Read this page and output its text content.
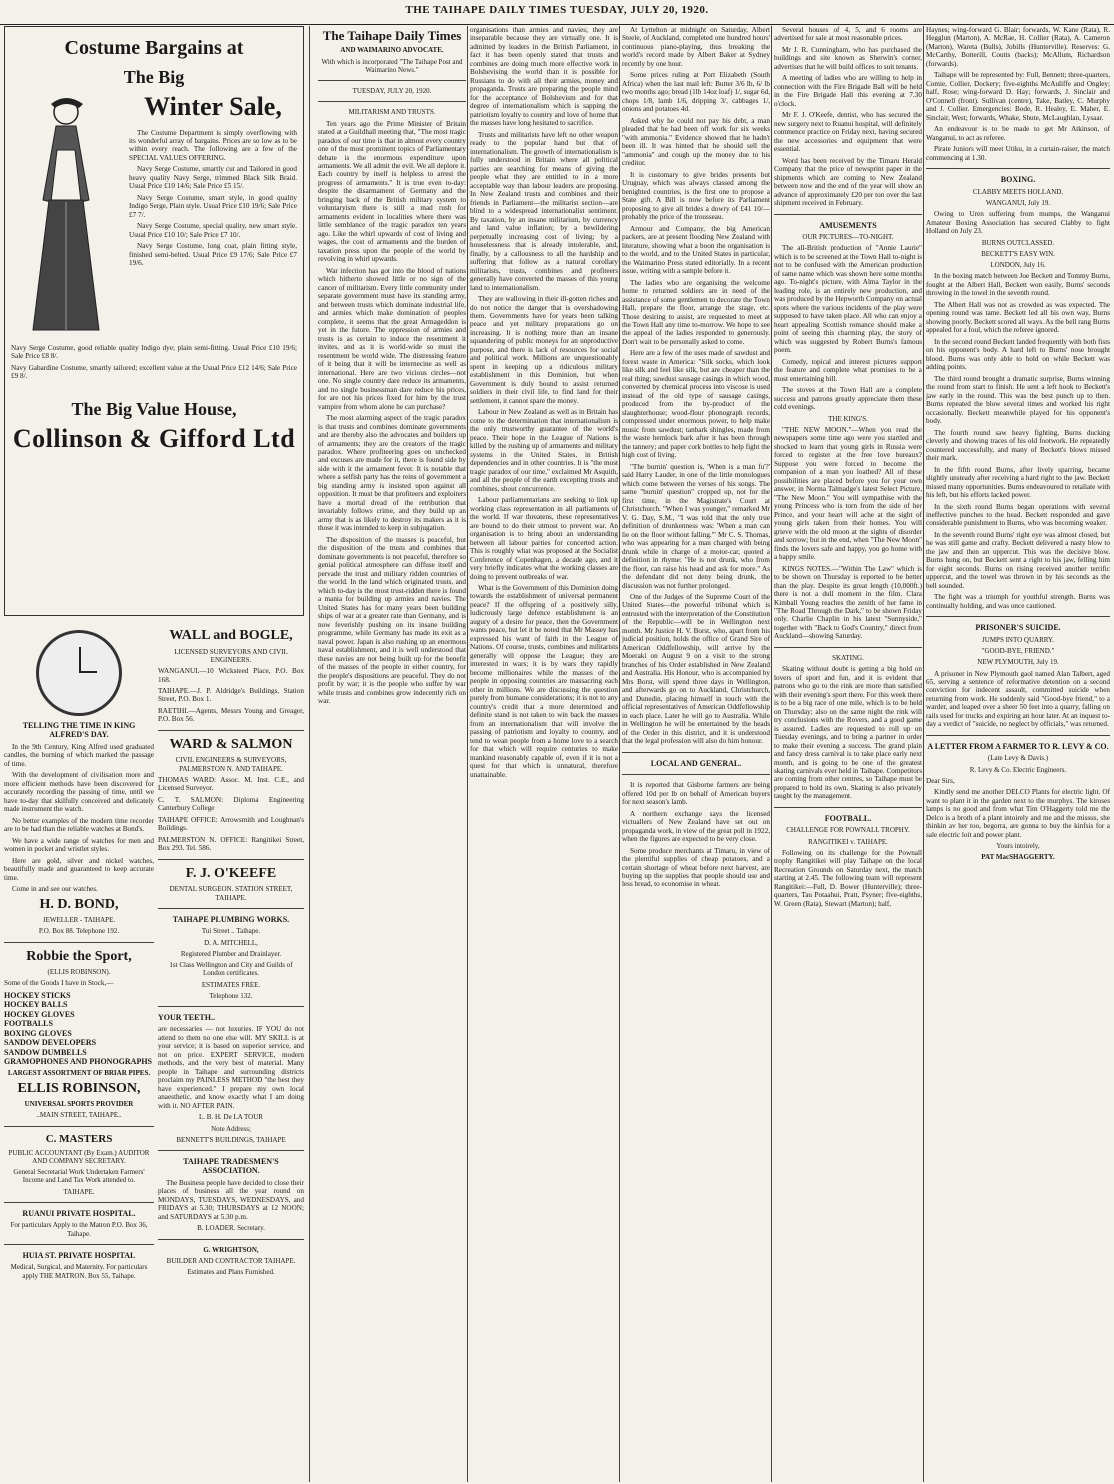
THE TAIHAPE DAILY TIMES TUESDAY, JULY 20, 1920.
Costume Bargains at
The Big
Winter Sale,

The Costume Department is simply overflowing with its wonderful array of bargains. Prices are so low as to be within every reach. The following are a few of the SPECIAL VALUES OFFERING.

Navy Serge Costume, smartly cut and Tailored in good heavy quality Navy Serge, trimmed Black Silk Braid. Usual Price £10 14/6; Sale Price £5 15/.

Navy Serge Costume, smart style, in good quality Indigo Serge, Plain style. Usual Price £10 19/6; Sale Price £7 7/.

Navy Serge Costume, special quality, new smart style. Usual Price £10 10/; Sale Price £7 10/.

Navy Serge Costume, long coat, plain fitting style, finished semi-belted. Usual Price £9 17/6; Sale Price £7 19/6.

Navy Serge Costume, good reliable quality Indigo dye; plain semi-fitting. Usual Price £10 19/6; Sale Price £8 8/.

Navy Gabardine Costume, smartly tailored; excellent value at the Usual Price £12 14/6; Sale Price £9 8/.

The Big Value House,
Collinson & Gifford Ltd
TELLING THE TIME IN KING ALFRED'S DAY.

In the 9th Century, King Alfred used graduated candles, the burning of which marked the passage of time.

With the development of civilisation more and more efficient methods have been discovered for accurately recording the passing of time, until we have to-day that skilfully conceived and delicately made instrument the watch.

No better examples of the modern time recorder are to be had than the reliable watches at Bond's.

We have a wide range of watches for men and women in pocket and wristlet styles.

Here are gold, silver and nickel watches, beautifully made and guaranteed to keep accurate time.

Come in and see our watches.

H. D. BOND,
JEWELLER - TAIHAPE.
P.O. Box 88. Telephone 192.
Robbie the Sport,
(ELLIS ROBINSON).

Some of the Goods I have in Stock,—

HOCKEY STICKS

HOCKEY BALLS

HOCKEY GLOVES

FOOTBALLS

BOXING GLOVES

SANDOW DEVELOPERS

SANDOW DUMBELLS

GRAMOPHONES AND PHONOGRAPHS

LARGEST ASSORTMENT OF BRIAR PIPES.
ELLIS ROBINSON,
UNIVERSAL SPORTS PROVIDER
..MAIN STREET, TAIHAPE..
C. MASTERS
PUBLIC ACCOUNTANT (By Exam.) AUDITOR AND COMPANY SECRETARY.
General Secretarial Work Undertaken Farmers' Income and Land Tax Work attended to.
TAIHAPE.
RUANUI PRIVATE HOSPITAL.
For particulars Apply to the Matron P.O. Box 36, Taihape.
HUIA ST. PRIVATE HOSPITAL
Medical, Surgical, and Maternity. For particulars apply THE MATRON. Box 55, Taihape.
WALL and BOGLE,
LICENSED SURVEYORS AND CIVIL ENGINEERS.

WANGANUI.—10 Wicksteed Place, P.O. Box 168.

TAIHAPE.—J. P. Aldridge's Buildings, Station Street, P.O. Box 1.

RAETIHI.—Agents, Messrs Young and Greager, P.O. Box 56.

WARD & SALMON
CIVIL ENGINEERS & SURVEYORS, PALMERSTON N. AND TAIHAPE.

THOMAS WARD: Assoc. M. Inst. C.E., and Licensed Surveyor.

C. T. SALMON: Diploma Engineering Canterbury College

TAIHAPE OFFICE: Arrowsmith and Loughnan's Buildings.

PALMERSTON N. OFFICE: Rangitikei Street, Box 293. Tel. 586.

F. J. O'KEEFE
DENTAL SURGEON. STATION STREET, TAIHAPE.
TAIHAPE PLUMBING WORKS.
Tui Street .. Taihape.
D. A. MITCHELL,
Registered Plumber and Drainlayer.
1st Class Wellington and City and Guilds of London certificates.
ESTIMATES FREE.
Telephone 132.
YOUR TEETH..

are necessaries — not luxuries. IF YOU do not attend to them no one else will. MY SKILL is at your service; it is based on superior service, and not on price. EXPERT SERVICE, modern methods, and the very best of material. Many people in Taihape and surrounding districts proclaim my PAINLESS METHOD "the best they have experienced." I prepare my own local anaesthetic, and know exactly what I am doing with it. NO AFTER PAIN.

L. B. H. De LA TOUR
Note Address;
BENNETT'S BUILDINGS, TAIHAPE
TAIHAPE TRADESMEN'S ASSOCIATION.

The Business people have decided to close their places of business all the year round on MONDAYS, TUESDAYS, WEDNESDAYS, and FRIDAYS at 5.30; THURSDAYS at 12 NOON; and SATURDAYS at 5.30 p.m.

B. LOADER. Secretary.
G. WRIGHTSON,
BUILDER AND CONTRACTOR TAIHAPE.
Estimates and Plans Furnished.
The Taihape Daily Times
AND WAIMARINO ADVOCATE.
With which is incorporated "The Taihape Post and Waimarino News."
TUESDAY, JULY 20, 1920.
MILITARISM AND TRUSTS.

Ten years ago the Prime Minister of Britain stated at a Guildhall meeting that, "The most tragic paradox of our time is that in almost every country one of the most prominent topics of Parliamentary debate is the enormous expenditure upon armaments. We all admit the evil. We all deplore it. Each country by itself is helpless to arrest the progress of armaments." It is true even to-day: despite the disarmament of Germany and the bringing back of the British military system to voluntaryism there is still a mad rush for armaments evident in localities where there was little semblance of the tragic paradox ten years ago. Like the whirl upwards of cost of living and wages, the cost of armaments and the burden of taxation press upon the people of the world by revolving in whirl upwards.

War infection has got into the blood of nations which hitherto showed little or no sign of the cancer of militarism. Every little community under separate government must have its standing army, and between trusts which dominate industrial life, and armies which make domination of peoples complete, it seems that the great Armageddon is yet in the future. The oppression of armies and trusts is as certain to induce the resentment it invites, and as it is world-wide so must the resentment be world wide. The distressing feature of it being that it will be internecine as well as international. Here are two vicious circles—not one. No single country dare reduce its armaments, and no single businessman dare reduce his prices, for are not his prices fixed for him by the trust vampire from whom alone he can purchase?

The most alarming aspect of the tragic paradox is that trusts and combines dominate governments and are thereby also the advocates and builders up of armaments; they are the creators of the tragic paradox. Where profiteering goes on unchecked and excuses are made for it, there is found side by side with it the armament fever. It is notable that where a selfish party has the reins of government a big standing army is insisted upon against all opposition. It must be that profiteers and exploiters have a mortal dread of the retribution that invariably follows crime, and they build up an army that is as likely to destroy its makers as it is those it was intended to keep in subjugation.

The disposition of the masses is peaceful, but the disposition of the trusts and combines that dominate governments is not peaceful, therefore so genial political atmosphere can diffuse itself and pervade the trust and military ridden countries of the world. In the land which originated trusts, and which to-day is the most trust-ridden there is found a mania for building up armies and navies. The United States has for many years been building ships of war at a greater rate than Germany, and is now feverishly pushing on its insane building programme, while Germany has made its exit as a naval power. Japan is also rushing up an enormous naval establishment, and it is well understood that these navies are not being built up for the benefit of the masses of the people in either country, for the people's dispositions are peaceful. They do not profit by war; it is the people who suffer by war while trusts and combines grow indecently rich on war.

organisations than armies and navies; they are inseparable because they are virtually one. It is admitted by leaders in the British Parliament, in fact it has been openly stated that trusts and combines are doing much more effective work in Bolshevising the world than it is possible for Russians to do with all their armies, money and propaganda. Trusts are preparing the people mind for the acceptance of Bolshevism and for that degree of internationalism which is sapping the patriotism loyalty to country and love of home that the masses have long hesitated to sacrifice.

Trusts and militarists have left no other weapon ready to the popular hand but that of internationalism. The growth of internationalism is fully understood in Britain where all political parties are searching for means of giving the people what they are entitled to in a more acceptable way than labour leaders are proposing. In New Zealand trusts and combines and their friends in Parliament—the militarist section—are blind to a widespread internationalist sentiment. By taxation, by an insane militarism, by currency and land value inflation; by a bewildering perpetually increasing cost of living; by a houselessness that is already intolerable, and, finally, by a callousness to all the hardship and suffering that follow as a natural corollary militarists, trusts, combines and profiteers generally have converted the masses of this young land to internationalism.

They are wallowing in their ill-gotten riches and do not notice the danger that is overshadowing them. Governments have for years been talking peace and yet military preparations go on increasing. It is nothing more than an insane squandering of public moneys for an unproductive purpose, and there is lack of resources for social and political work. Millions are unquestionably spent in keeping up a ridiculous military establishment in this Dominion, but when Government is duly bound to assist returned soldiers in their civil life, to find land for their settlement, it cannot spare the money.

Labour in New Zealand as well as in Britain has come to the determination that internationalism is the only trustworthy guarantee of the world's peace. Their hope in the League of Nations is killed by the rushing up of armaments and military systems in the United States, in British dependencies and in other countries. It is "the most tragic paradox of our time," exclaimed Mr Asquith, and all the people of the earth excepting trusts and combines, shout concurrence.

Labour parliamentarians are seeking to link up working class representation in all parliaments of the world. If war threatens, these representatives are bound to do their utmost to prevent war. An organisation is to bring about an understanding between all labour parties for concerted action. This is roughly what was proposed at the Socialist Conference of Copenhagen, a decade ago, and it very briefly indicates what the working classes are doing to prevent outbreaks of war.

What is the Government of this Dominion doing towards the establishment of universal permanent peace? If the offspring of a positively silly, ludicrously large defence establishment is an augury of a desire for peace, then the Government wants peace, but let it be noted that Mr Massey has expressed his want of faith in the League of Nations. Of course, trusts, combines and militarists generally will oppose the League; they are interested in wars; it is by wars they rapidly become millionaires while the masses of the people in opposing countries are massacring each other in millions. We are discussing the question purely from humane considerations; it is not to any country's credit that a more determined and definite stand is not taken to win back the masses from an internationalism that will involve the passing of patriotism and loyalty to country, and tend to wean people from a home love to a search for that which will require centuries to make mankind reasonably capable of, even if it is not a quest for that which is unnatural, therefore unattainable.

At Lyttelton at midnight on Saturday, Albert Steele, of Auckland, completed one hundred hours' continuous piano-playing, thus breaking the world's record made by Albert Baker at Sydney recently by one hour.

Some prices ruling at Port Elizabeth (South Africa) when the last mail left: Butter 3/6 lb, 6/ lb two months ago; bread (1lb 14oz loaf) 1/, sugar 6d, chops 1/8, lamb 1/6, dripping 3/, cabbages 1/, onions and potatoes 4d.

Asked why he could not pay his debt, a man pleaded that he had been off work for six weeks "with ammonia." Evidence showed that he hadn't been ill. It was hinted that he should sell the "ammonia" and cough up the money due to his creditor.

It is customary to give brides presents but Uruguay, which was always classed among the benighted countries, is the first one to propose a State gift. A Bill is now before its Parliament proposing to give all brides a dowry of £41 10/—probably the price of the trousseau.

Armour and Company, the big American packers, are at present flooding New Zealand with literature, showing what a boon the organisation is to the world, and to the United States in particular, the Waimarino Press stated editorially. In a recent issue, writing with a sample before it.

The ladies who are organising the welcome home to returned soldiers are in need of the assistance of some gentlemen to decorate the Town Hall, prepare the floor, arrange the stage, etc. Those desiring to assist, are requested to meet at the Town Hall any time to-morrow. We hope to see the appeal of the ladies responded to generously. Don't wait to be personally asked to come.

Here are a few of the uses made of sawdust and forest waste in America: "Silk socks, which look like silk and feel like silk, but are cheaper than the real thing; sawdust sausage casings in which wood, converted by chemical process into viscose is used instead of the old type of sausage casings, produced from the by-product of the slaughterhouse; wood-flour phonograph records, compressed under enormous power, to help make music from sawdust; tanbark shingles, made from the waste hemlock bark after it has been through the tannery; and paper cork bottles to help fight the high cost of living.

"The burnin' question is, 'When is a man fu'?' said Harry Lauder, in one of the little monologues which come between the verses of his songs. The same "burnin' question" cropped up, not for the first time, in the Magistrate's Court at Christchurch. "When I was younger," remarked Mr V. G. Day, S.M., "I was told that the only true definition of drunkenness was: 'When a man can lie on the floor without falling.'" Mr C. S. Thomas, who was appearing for a man charged with being drunk while in charge of a motor-car, quoted a definition in rhyme: "He is not drunk, who from the floor, can raise his head and ask for more." As the defendant did not deny being drunk, the discussion was not further prolonged.

One of the Judges of the Supreme Court of the United States—the powerful tribunal which is entrusted with the interpretation of the Constitution of the Republic—will be in Wellington next month. Mr Justice H. V. Borst, who, apart from his judicial position, holds the office of Grand Sire of American Oddfellowship, will arrive by the Moeraki on August 9 on a visit to the strong branches of his Order established in New Zealand and Australia. His Honour, who is accompanied by Mrs Borst, will spend three days in Wellington, and afterwards go on to Auckland, Christchurch, and Dunedin, placing himself in touch with the official representatives of American Oddfellowship in each place. Later he will go to Australia. While in Wellington he will be entertained by the heads of the Order in this district, and it is understood that the legal profession will also do him honour.

LOCAL AND GENERAL.

It is reported that Gisborne farmers are being offered 10d per lb on behalf of American buyers for next season's lamb.

A northern exchange says the licensed victuallers of New Zealand have set out on propaganda work, in view of the great poll in 1922, when the figures are expected to be very close.

Some produce merchants at Timaru, in view of the plentiful supplies of cheap potatoes, and a certain shortage of wheat before next harvest, are buying up the supplies that people should use and less bread, to economise in wheat.

Several houses of 4, 5, and 6 rooms are advertised for sale at most reasonable prices.

Mr J. R. Cunningham, who has purchased the buildings and site known as Sherwin's corner, advertises that he will build offices to suit tenants.

A meeting of ladies who are willing to help in connection with the Fire Brigade Ball will be held in the Fire Brigade Hall this evening at 7.30 o'clock.

Mr F. J. O'Keefe, dentist, who has secured the new surgery next to Ruanui hospital, will definitely commence practice on Friday next, having secured the new accessories and equipment that were essential.

Word has been received by the Timaru Herald Company that the price of newsprint paper in the shipments which are coming to New Zealand between now and the end of the year will show an advance of approximately £20 per ton over the last shipment received in February.

AMUSEMENTS
OUR PICTURES—TO-NIGHT.

The all-British production of "Annie Laurie" which is to be screened at the Town Hall to-night is not to be confused with the American production of same name which was shown here some months ago. To-night's picture, with Alma Taylor in the leading role, is an entirely new production, and was produced by the Hepworth Company on actual spots where the various incidents of the play were supposed to have taken place. All who can enjoy a heart appealing Scottish romance should make a point of seeing this charming play, the story of which was suggested by Robert Burns's famous poem.

Comedy, topical and interest pictures support the feature and complete what promises to be a most entertaining bill.

The stoves at the Town Hall are a complete success and patrons greatly appreciate them these cold evenings.

THE KING'S.

"THE NEW MOON."—When you read the newspapers some time ago were you startled and shocked to learn that young girls in Russia were forced to register at the free love bureaux? Suppose you were forced to become the companion of a man you loathed? All of these possibilities are placed before you for your own answer, in Norma Talmadge's latest Select Picture, "The New Moon." You will sympathise with the young Princess who is torn from the side of her Prince, and your heart will ache at the sight of young girls taken from their homes. You will grieve with the old moon at the sights of disorder and sorrow; but in the end, when "The New Moon" finds the lovers safe and happy, you go home with a happy smile.

KINGS NOTES.—"Within The Law" which is to be shown on Thursday is reported to be better than the play. Despite its great length (10,000ft.) there is not a dull moment in the film. Clara Kimball Young reaches the zenith of her fame in "The Road Through the Dark," to be shown Friday only. Charlie Chaplin in his latest "Sunnyside," together with "Back to God's Country," direct from Auckland—showing Saturday.

SKATING.

Skating without doubt is getting a big hold on lovers of sport and fun, and it is evident that patrons who go to the rink are more than satisfied with their evening's sport there. For this week there is to be a big race of one mile, which is to be held on Thursday; also on the same night the rink will try conclusions with the Rovers, and a good game is assured. Ladies are requested to roll up on Tuesday evenings, and to bring a partner in order to make their evening a success. The grand plain and fancy dress carnival is to take place early next month, and is going to be one of the greatest skating carnivals ever held in Taihape. Competitors are coming from other centres, so Taihape must be prepared to hold its own. Skating is also privately taught by the management.

FOOTBALL.
CHALLENGE FOR POWNALL TROPHY.
RANGITIKEI v. TAIHAPE.

Following on its challenge for the Pownall trophy Rangitikei will play Taihape on the local Recreation Grounds on Saturday next, the match starting at 2.45. The following team will represent Rangitikei:—Full, D. Bower (Hunterville); three-quarters, Tau Potaahui, Pratt, Psyner; five-eighths, W. Green (Rata), Stewart (Marton); half,

Haynes; wing-forward G. Blair; forwards, W. Kane (Rata), R. Hegglun (Marton), A. McRae, H. Collier (Rata), A. Cameron (Marton), Wareta (Bulls), Jobills (Hunterville). Reserves: G. McCarthy, Botterill, Coutts (backs); McAllum, Richardson (forwards).

Taihape will be represented by: Full, Bennett; three-quarters, Comie, Collier, Dockery; five-eighths McAuliffe and Ongley; half, Rose; wing-forward D. Hay; forwards, J. Sinclair and O'Connell (front). Sullivan (centre), Take, Batley, C. Murphy and J. Collier. Emergencies: Bode, R. Healey, E. Maher, E. Sinclair, West; forwards, Whake, Shute, McLaughlan, Lysaar.

An endeavour is to be made to get Mr Atkinson, of Wanganui, to act as referee.

Pirate Juniors will meet Utiku, in a curtain-raiser, the match commencing at 1.30.

BOXING.
CLABBY MEETS HOLLAND.
WANGANUI, July 19.

Owing to Uren suffering from mumps, the Wanganui Amateur Boxing Association has secured Clabby to fight Holland on July 23.

BURNS OUTCLASSED.
BECKETT'S EASY WIN.
LONDON, July 16.

In the boxing match between Joe Beckett and Tommy Burns, fought at the Albert Hall, Beckett won easily, Burns' seconds throwing in the towel in the seventh round.

The Albert Hall was not as crowded as was expected. The opening round was tame. Beckett led all his own way, Burns showing poorly. Beckett scored all ways. As the bell rang Burns appealed for a foul, which the referee ignored.

In the second round Beckett landed frequently with both fists on his opponent's body. A hard left to Burns' nose brought blood. Burns was only able to hold on while Beckett was adding points.

The third round brought a dramatic surprise, Burns winning the round from start to finish. He sent a left hook to Beckett's jaw early in the round. This was the best punch up to then. Burns repeated the blow several times and worked his right occasionally. Beckett meanwhile played for his opponent's body.

The fourth round saw heavy fighting, Burns ducking cleverly and showing traces of his old footwork. He repeatedly countered successfully, and many of Beckett's blows missed their mark.

In the fifth round Burns, after lively sparring, became slightly unsteady after receiving a hard right to the jaw. Beckett missed many opportunities. Burns endeavoured to retaliate with his left, but his efforts lacked power.

In the sixth round Burns began operations with several ineffective punches to the head. Beckett responded and gave considerable punishment to Burns, who was becoming weaker.

In the seventh round Burns' right eye was almost closed, but he was still game and crafty. Beckett delivered a nasty blow to the jaw and then an uppercut. This was the decisive blow. Burns hung on, but Beckett sent a right to his jaw, felling him for eight seconds. Burns on rising received another terrific uppercut, and the towel was thrown in by his seconds as the bell sounded.

The fight was a triumph for youthful strength. Burns was continually holding, and was once cautioned.

PRISONER'S SUICIDE.
JUMPS INTO QUARRY.
"GOOD-BYE, FRIEND."
NEW PLYMOUTH, July 19.

A prisoner in New Plymouth gaol named Alan Talbert, aged 65, serving a sentence of reformative detention on a second conviction for indecent assault, committed suicide when returning from work. He suddenly said "Good-bye friend," to a warder, and leaped over a sheer 50 feet into a quarry, falling on rails used for trucks and expiring an hour later. At an inquest to-day a verdict of "suicide, no neglect by officials," was returned.

A LETTER FROM A FARMER TO R. LEVY & CO.
(Late Levy & Davis.)
R. Levy & Co. Electric Engineers.

Dear Sirs,

Kindly send me another DELCO Plants for electric light. Of want to plant it in the garden next to the murphys. The kiroses lamps is no good and from what Tim O'Haggerty told me the Delco is a broth of a plant intoirely and me and the missus, she thinkin av her too, begorra, are gonna to buy the kinfsis for a sale electric loit and power plant.

Yours intoirely,
PAT MacSHAGGERTY.
